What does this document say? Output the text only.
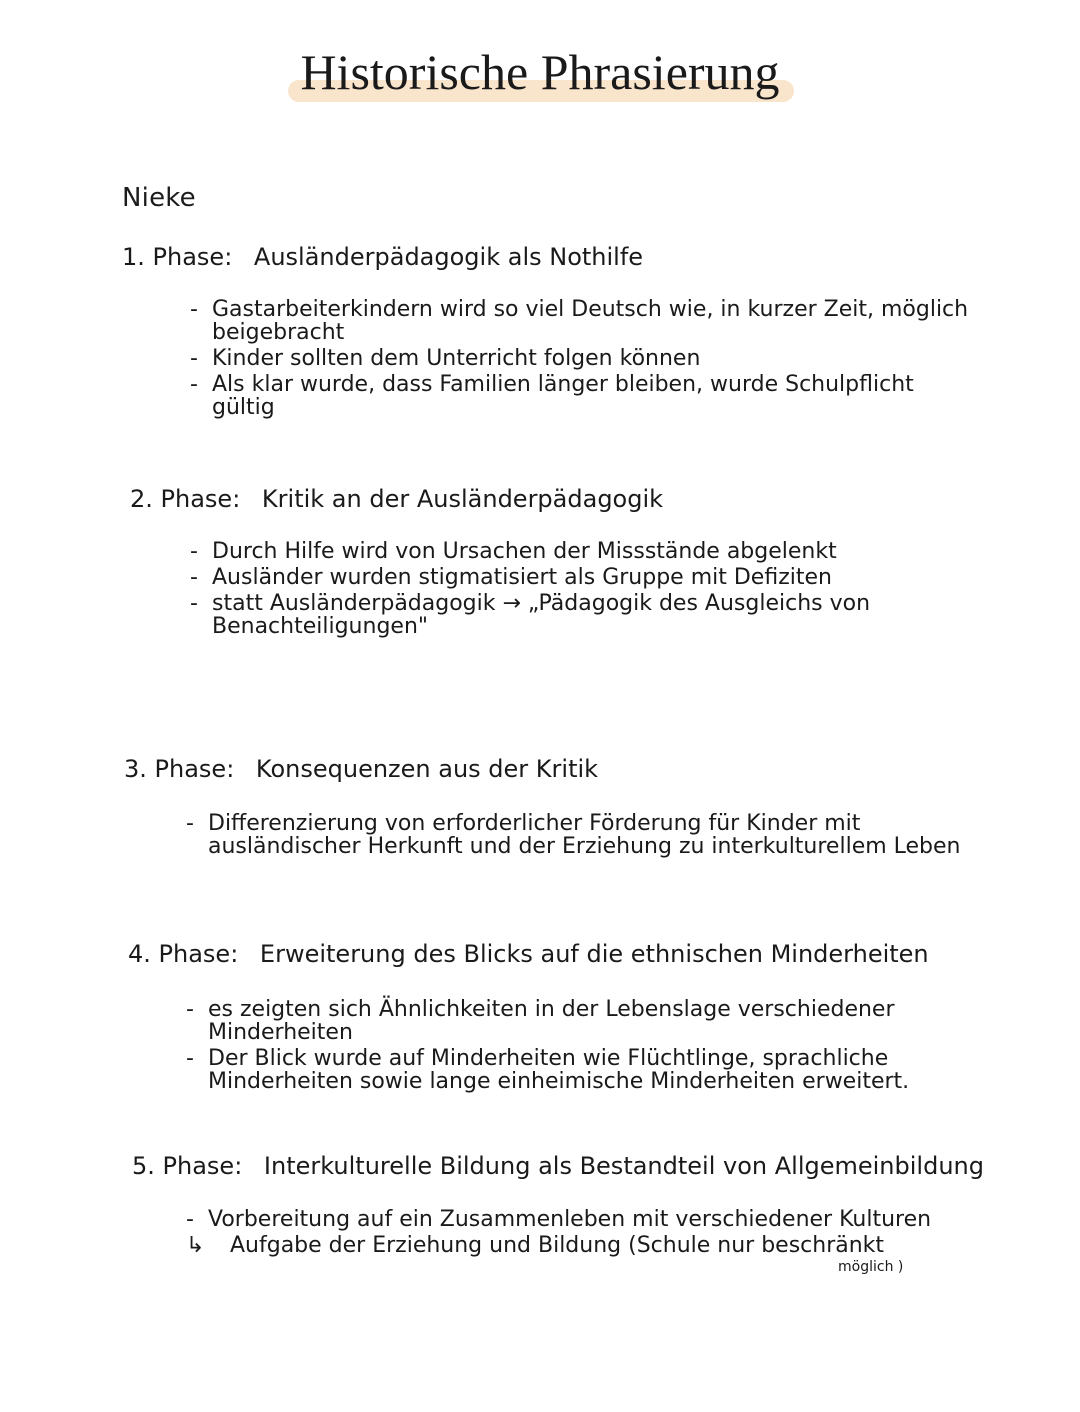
Historische Phrasierung
Nieke
1. Phase: Ausländerpädagogik als Nothilfe
- Gastarbeiterkindern wird so viel Deutsch wie, in kurzer Zeit, möglich beigebracht
- Kinder sollten dem Unterricht folgen können
- Als klar wurde, dass Familien länger bleiben, wurde Schulpflicht gültig
2. Phase: Kritik an der Ausländerpädagogik
- Durch Hilfe wird von Ursachen der Missstände abgelenkt
- Ausländer wurden stigmatisiert als Gruppe mit Defiziten
- statt Ausländerpädagogik → „Pädagogik des Ausgleichs von Benachteiligungen"
3. Phase: Konsequenzen aus der Kritik
- Differenzierung von erforderlicher Förderung für Kinder mit ausländischer Herkunft und der Erziehung zu interkulturellem Leben
4. Phase: Erweiterung des Blicks auf die ethnischen Minderheiten
- es zeigten sich Ähnlichkeiten in der Lebenslage verschiedener Minderheiten
- Der Blick wurde auf Minderheiten wie Flüchtlinge, sprachliche Minderheiten sowie lange einheimische Minderheiten erweitert.
5. Phase: Interkulturelle Bildung als Bestandteil von Allgemeinbildung
- Vorbereitung auf ein Zusammenleben mit verschiedener Kulturen
↳ Aufgabe der Erziehung und Bildung (Schule nur beschränkt
möglich )
